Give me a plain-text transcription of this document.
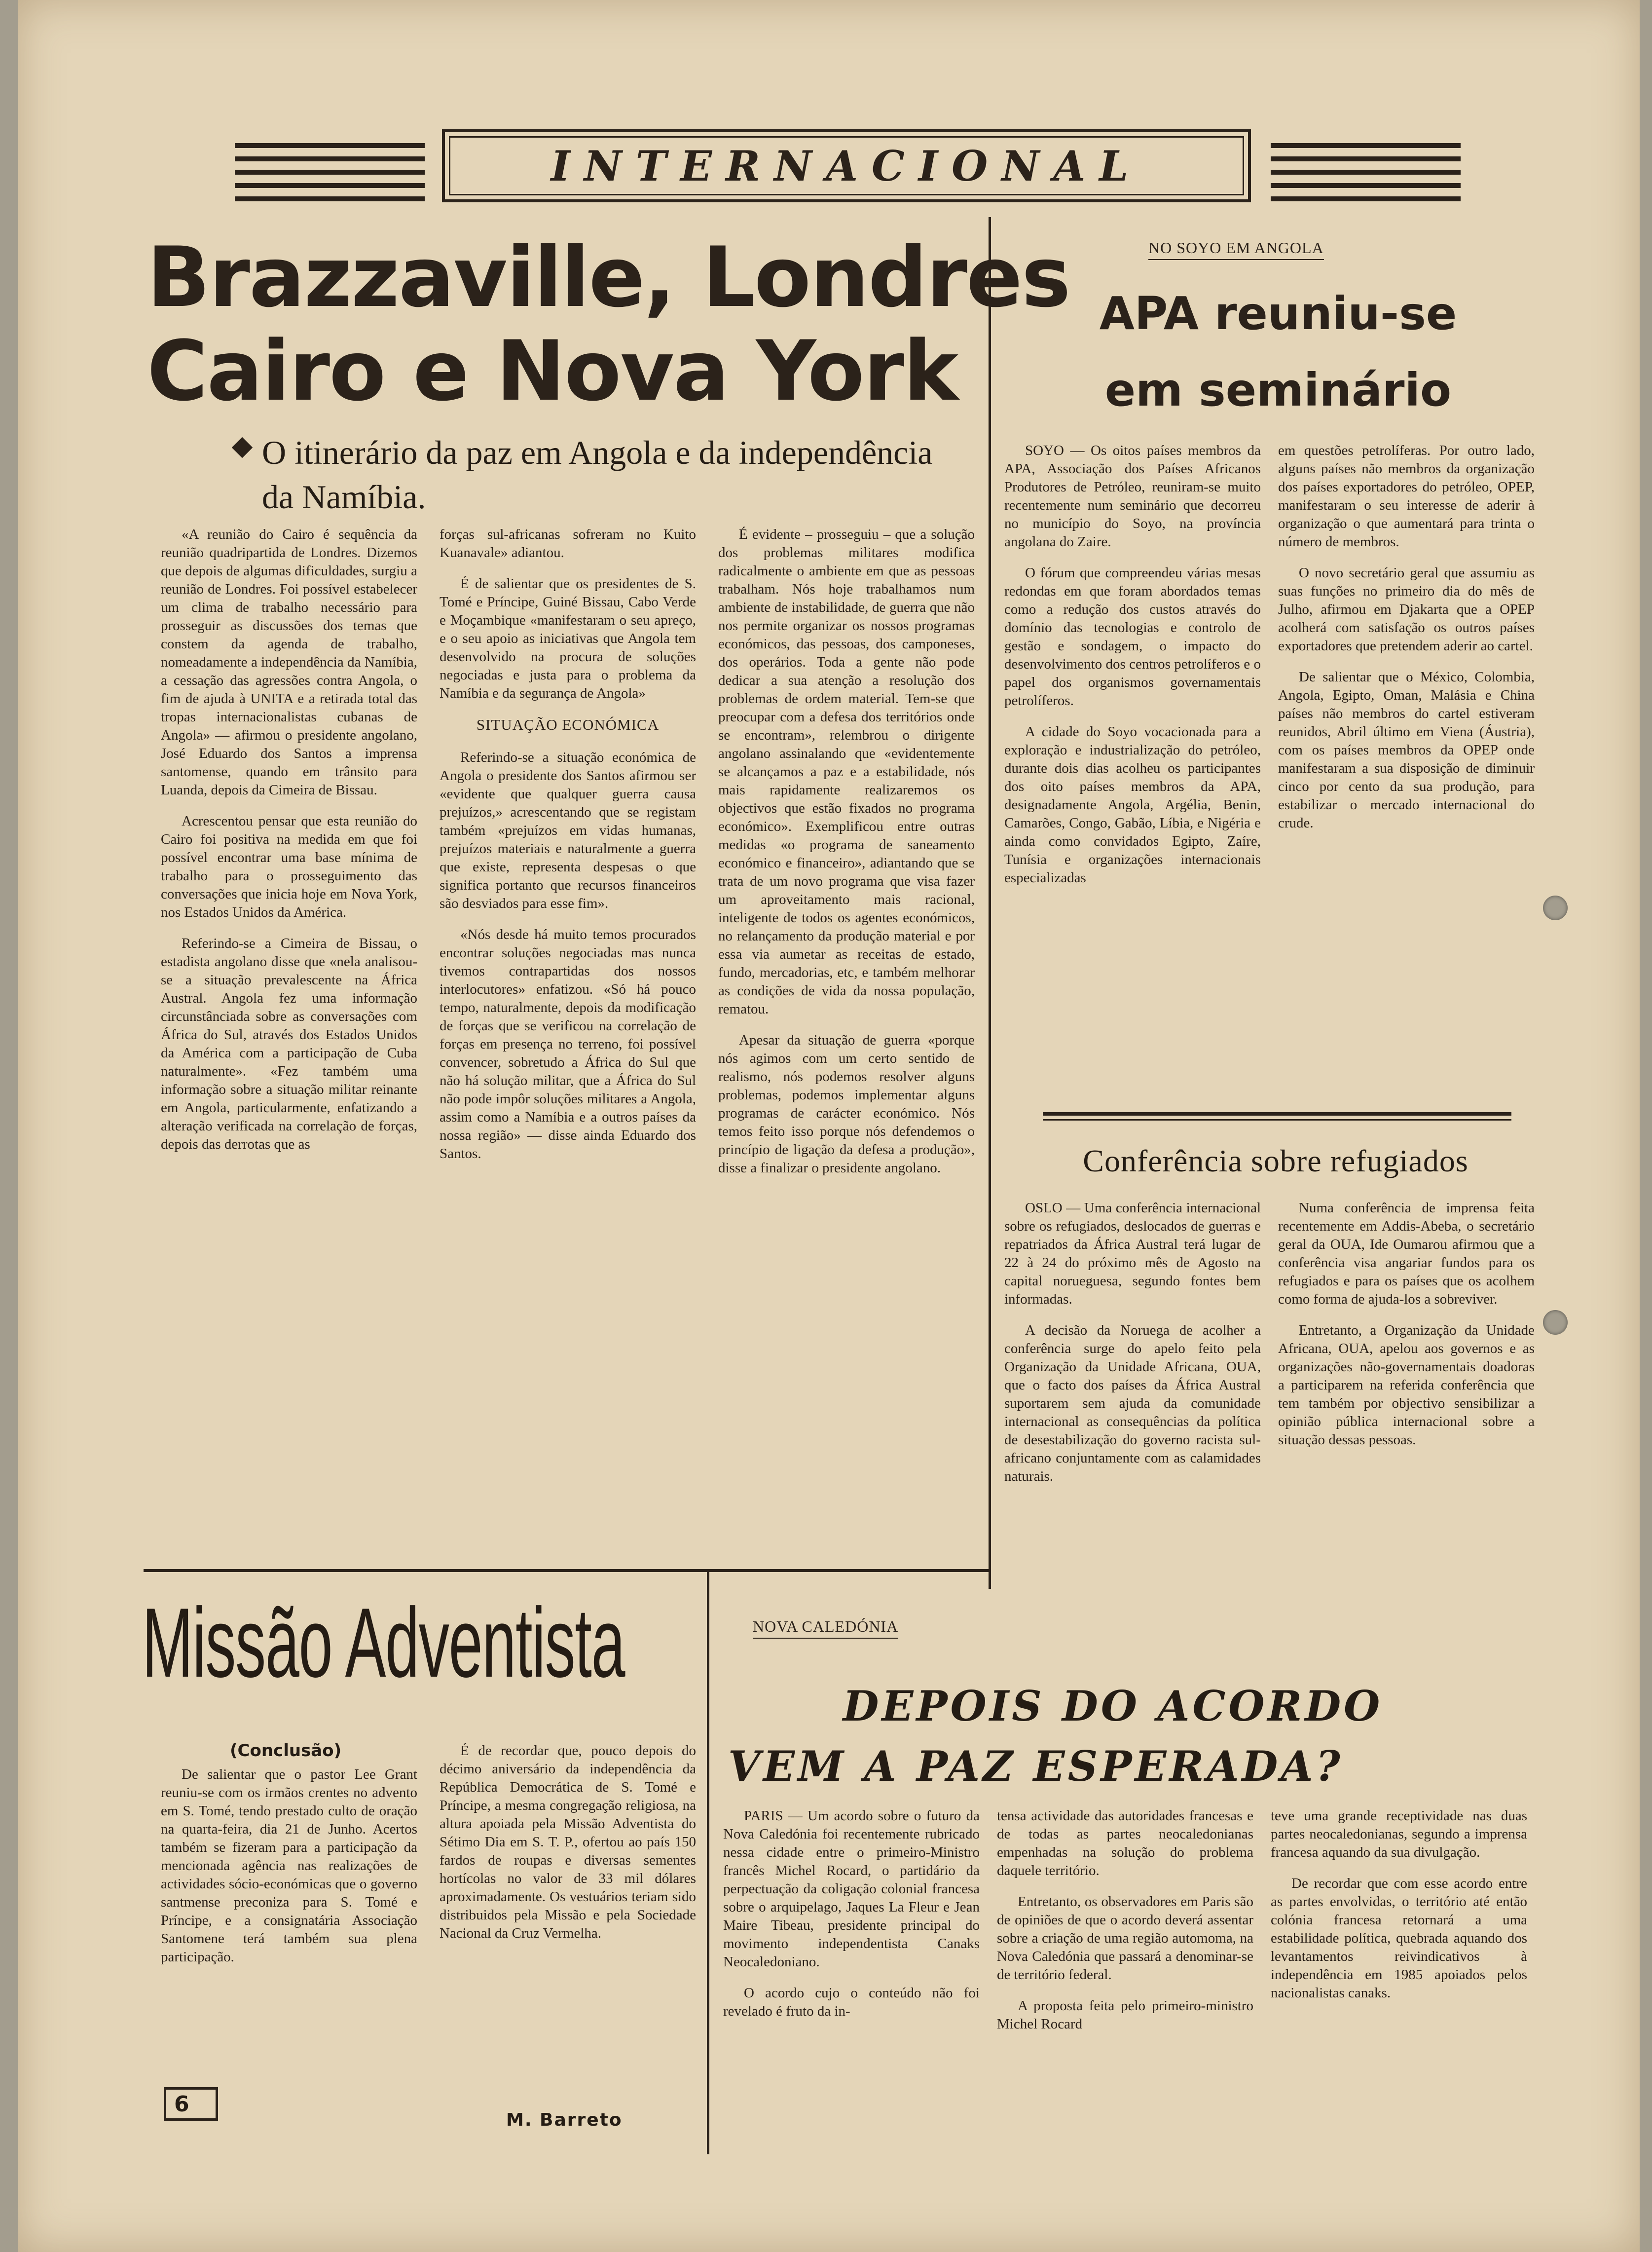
INTERNACIONAL
Brazzaville, Londres
Cairo e Nova York
O itinerário da paz em Angola e da independência da Namíbia.

«A reunião do Cairo é sequência da reunião quadripartida de Londres. Dizemos que depois de algumas dificuldades, surgiu a reunião de Londres. Foi possível estabelecer um clima de trabalho necessário para prosseguir as discussões dos temas que constem da agenda de trabalho, nomeadamente a independência da Namíbia, a cessação das agressões contra Angola, o fim de ajuda à UNITA e a retirada total das tropas internacionalistas cubanas de Angola» — afirmou o presidente angolano, José Eduardo dos Santos a imprensa santomense, quando em trânsito para Luanda, depois da Cimeira de Bissau.

Acrescentou pensar que esta reunião do Cairo foi positiva na medida em que foi possível encontrar uma base mínima de trabalho para o prosseguimento das conversações que inicia hoje em Nova York, nos Estados Unidos da América.

Referindo-se a Cimeira de Bissau, o estadista angolano disse que «nela analisou-se a situação prevalescente na África Austral. Angola fez uma informação circunstânciada sobre as conversações com África do Sul, através dos Estados Unidos da América com a participação de Cuba naturalmente». «Fez também uma informação sobre a situação militar reinante em Angola, particularmente, enfatizando a alteração verificada na correlação de forças, depois das derrotas que as

forças sul-africanas sofreram no Kuito Kuanavale» adiantou.

É de salientar que os presidentes de S. Tomé e Príncipe, Guiné Bissau, Cabo Verde e Moçambique «manifestaram o seu apreço, e o seu apoio as iniciativas que Angola tem desenvolvido na procura de soluções negociadas e justa para o problema da Namíbia e da segurança de Angola»

SITUAÇÃO ECONÓMICA

Referindo-se a situação económica de Angola o presidente dos Santos afirmou ser «evidente que qualquer guerra causa prejuízos,» acrescentando que se registam também «prejuízos em vidas humanas, prejuízos materiais e naturalmente a guerra que existe, representa despesas o que significa portanto que recursos financeiros são desviados para esse fim».

«Nós desde há muito temos procurados encontrar soluções negociadas mas nunca tivemos contrapartidas dos nossos interlocutores» enfatizou. «Só há pouco tempo, naturalmente, depois da modificação de forças que se verificou na correlação de forças em presença no terreno, foi possível convencer, sobretudo a África do Sul que não há solução militar, que a África do Sul não pode impôr soluções militares a Angola, assim como a Namíbia e a outros países da nossa região» — disse ainda Eduardo dos Santos.

É evidente – prosseguiu – que a solução dos problemas militares modifica radicalmente o ambiente em que as pessoas trabalham. Nós hoje trabalhamos num ambiente de instabilidade, de guerra que não nos permite organizar os nossos programas económicos, das pessoas, dos camponeses, dos operários. Toda a gente não pode dedicar a sua atenção a resolução dos problemas de ordem material. Tem-se que preocupar com a defesa dos territórios onde se encontram», relembrou o dirigente angolano assinalando que «evidentemente se alcançamos a paz e a estabilidade, nós mais rapidamente realizaremos os objectivos que estão fixados no programa económico». Exemplificou entre outras medidas «o programa de saneamento económico e financeiro», adiantando que se trata de um novo programa que visa fazer um aproveitamento mais racional, inteligente de todos os agentes económicos, no relançamento da produção material e por essa via aumetar as receitas de estado, fundo, mercadorias, etc, e também melhorar as condições de vida da nossa população, rematou.

Apesar da situação de guerra «porque nós agimos com um certo sentido de realismo, nós podemos resolver alguns problemas, podemos implementar alguns programas de carácter económico. Nós temos feito isso porque nós defendemos o princípio de ligação da defesa a produção», disse a finalizar o presidente angolano.

NO SOYO EM ANGOLA
APA reuniu-se
em seminário

SOYO — Os oitos países membros da APA, Associação dos Países Africanos Produtores de Petróleo, reuniram-se muito recentemente num seminário que decorreu no município do Soyo, na província angolana do Zaire.

O fórum que compreendeu várias mesas redondas em que foram abordados temas como a redução dos custos através do domínio das tecnologias e controlo de gestão e sondagem, o impacto do desenvolvimento dos centros petrolíferos e o papel dos organismos governamentais petrolíferos.

A cidade do Soyo vocacionada para a exploração e industrialização do petróleo, durante dois dias acolheu os participantes dos oito países membros da APA, designadamente Angola, Argélia, Benin, Camarões, Congo, Gabão, Líbia, e Nigéria e ainda como convidados Egipto, Zaíre, Tunísia e organizações internacionais especializadas

em questões petrolíferas. Por outro lado, alguns países não membros da organização dos países exportadores do petróleo, OPEP, manifestaram o seu interesse de aderir à organização o que aumentará para trinta o número de membros.

O novo secretário geral que assumiu as suas funções no primeiro dia do mês de Julho, afirmou em Djakarta que a OPEP acolherá com satisfação os outros países exportadores que pretendem aderir ao cartel.

De salientar que o México, Colombia, Angola, Egipto, Oman, Malásia e China países não membros do cartel estiveram reunidos, Abril último em Viena (Áustria), com os países membros da OPEP onde manifestaram a sua disposição de diminuir cinco por cento da sua produção, para estabilizar o mercado internacional do crude.

Conferência sobre refugiados

OSLO — Uma conferência internacional sobre os refugiados, deslocados de guerras e repatriados da África Austral terá lugar de 22 à 24 do próximo mês de Agosto na capital norueguesa, segundo fontes bem informadas.

A decisão da Noruega de acolher a conferência surge do apelo feito pela Organização da Unidade Africana, OUA, que o facto dos países da África Austral suportarem sem ajuda da comunidade internacional as consequências da política de desestabilização do governo racista sul-africano conjuntamente com as calamidades naturais.

Numa conferência de imprensa feita recentemente em Addis-Abeba, o secretário geral da OUA, Ide Oumarou afirmou que a conferência visa angariar fundos para os refugiados e para os países que os acolhem como forma de ajuda-los a sobreviver.

Entretanto, a Organização da Unidade Africana, OUA, apelou aos governos e as organizações não-governamentais doadoras a participarem na referida conferência que tem também por objectivo sensibilizar a opinião pública internacional sobre a situação dessas pessoas.

Missão Adventista
(Conclusão)

De salientar que o pastor Lee Grant reuniu-se com os irmãos crentes no advento em S. Tomé, tendo prestado culto de oração na quarta-feira, dia 21 de Junho. Acertos também se fizeram para a participação da mencionada agência nas realizações de actividades sócio-económicas que o governo santmense preconiza para S. Tomé e Príncipe, e a consignatária Associação Santomene terá também sua plena participação.

É de recordar que, pouco depois do décimo aniversário da independência da República Democrática de S. Tomé e Príncipe, a mesma congregação religiosa, na altura apoiada pela Missão Adventista do Sétimo Dia em S. T. P., ofertou ao país 150 fardos de roupas e diversas sementes hortícolas no valor de 33 mil dólares aproximadamente. Os vestuários teriam sido distribuidos pela Missão e pela Sociedade Nacional da Cruz Vermelha.

M. Barreto
6
NOVA CALEDÓNIA
DEPOIS DO ACORDO
VEM A PAZ ESPERADA?

PARIS — Um acordo sobre o futuro da Nova Caledónia foi recentemente rubricado nessa cidade entre o primeiro-Ministro francês Michel Rocard, o partidário da perpectuação da coligação colonial francesa sobre o arquipelago, Jaques La Fleur e Jean Maire Tibeau, presidente principal do movimento independentista Canaks Neocaledoniano.

O acordo cujo o conteúdo não foi revelado é fruto da in-

tensa actividade das autoridades francesas e de todas as partes neocaledonianas empenhadas na solução do problema daquele território.

Entretanto, os observadores em Paris são de opiniões de que o acordo deverá assentar sobre a criação de uma região automoma, na Nova Caledónia que passará a denominar-se de território federal.

A proposta feita pelo primeiro-ministro Michel Rocard

teve uma grande receptividade nas duas partes neocaledonianas, segundo a imprensa francesa aquando da sua divulgação.

De recordar que com esse acordo entre as partes envolvidas, o território até então colónia francesa retornará a uma estabilidade política, quebrada aquando dos levantamentos reivindicativos à independência em 1985 apoiados pelos nacionalistas canaks.
